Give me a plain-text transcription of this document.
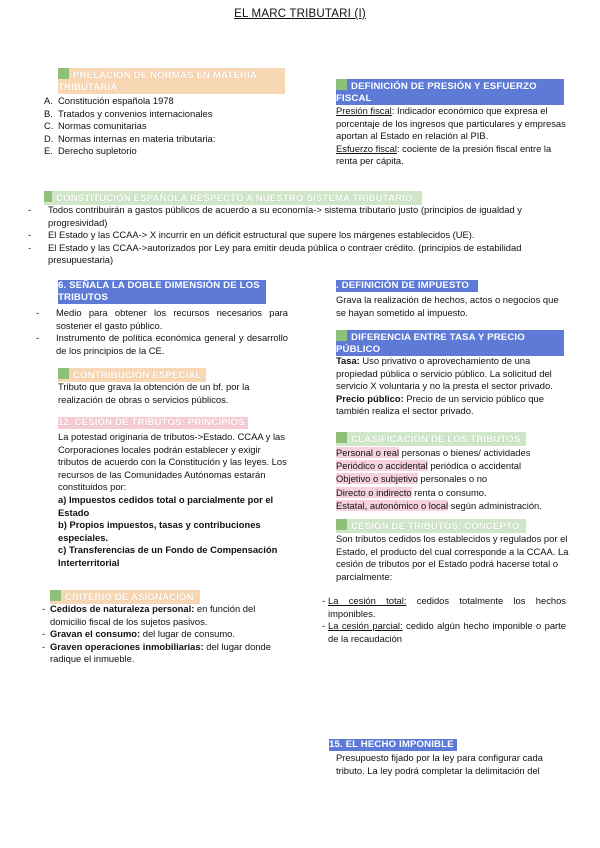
EL MARC TRIBUTARI (I)
PRELACIÓN DE NORMAS EN MATERIA TRIBUTARIA
A. Constitución española 1978
B. Tratados y convenios internacionales
C. Normas comunitarias
D. Normas internas en materia tributaria:
E. Derecho supletorio
DEFINICIÓN DE PRESIÓN Y ESFUERZO FISCAL
Presión fiscal: Indicador económico que expresa el porcentaje de los ingresos que particulares y empresas aportan al Estado en relación al PIB.
Esfuerzo fiscal: cociente de la presión fiscal entre la renta per cápita.
CONSTITUCIÓN ESPAÑOLA RESPECTO A NUESTRO SISTEMA TRIBUTARIO
-	Todos contribuirán a gastos públicos de acuerdo a su economía-> sistema tributario justo (principios de igualdad y progresividad)
-	El Estado y las CCAA-> X incurrir en un déficit estructural que supere los márgenes establecidos (UE).
-	El Estado y las CCAA->autorizados por Ley para emitir deuda pública o contraer crédito. (principios de estabilidad presupuestaria)
6. SEÑALA LA DOBLE DIMENSIÓN DE LOS TRIBUTOS
-	Medio para obtener los recursos necesarios para sostener el gasto público.
-	Instrumento de política económica general y desarrollo de los principios de la CE.
CONTRIBUCIÓN ESPECIAL
Tributo que grava la obtención de un bf. por la realización de obras o servicios públicos.
12. CESIÓN DE TRIBUTOS: PRINCIPIOS
La potestad originaria de tributos->Estado. CCAA y las Corporaciones locales podrán establecer y exigir tributos de acuerdo con la Constitución y las leyes. Los recursos de las Comunidades Autónomas estarán constituidos por:
a) Impuestos cedidos total o parcialmente por el Estado
b) Propios impuestos, tasas y contribuciones especiales.
c) Transferencias de un Fondo de Compensación Interterritorial
CRITERIO DE ASIGNACIÓN
- Cedidos de naturaleza personal: en función del domicilio fiscal de los sujetos pasivos.
- Gravan el consumo: del lugar de consumo.
- Graven operaciones inmobiliarias: del lugar donde radique el inmueble.
. DEFINICIÓN DE IMPUESTO
Grava la realización de hechos, actos o negocios que se hayan sometido al impuesto.
DIFERENCIA ENTRE TASA Y PRECIO PÚBLICO
Tasa: Uso privativo o aprovechamiento de una propiedad pública o servicio público. La solicitud del servicio X voluntaria y no la presta el sector privado.
Precio público: Precio de un servicio público que también realiza el sector privado.
CLASIFICACIÓN DE LOS TRIBUTOS
Personal o real personas o bienes/ actividades
Periódico o accidental periódica o accidental
Objetivo o subjetivo personales o no
Directo o indirecto renta o consumo.
Estatal, autonómico o local según administración.
CESIÓN DE TRIBUTOS: CONCEPTO
Son tributos cedidos los establecidos y regulados por el Estado, el producto del cual corresponde a la CCAA. La cesión de tributos por el Estado podrá hacerse total o parcialmente:
- La cesión total: cedidos totalmente los hechos imponibles.
- La cesión parcial: cedido algún hecho imponible o parte de la recaudación
15. EL HECHO IMPONIBLE
Presupuesto fijado por la ley para configurar cada tributo. La ley podrá completar la delimitación del
